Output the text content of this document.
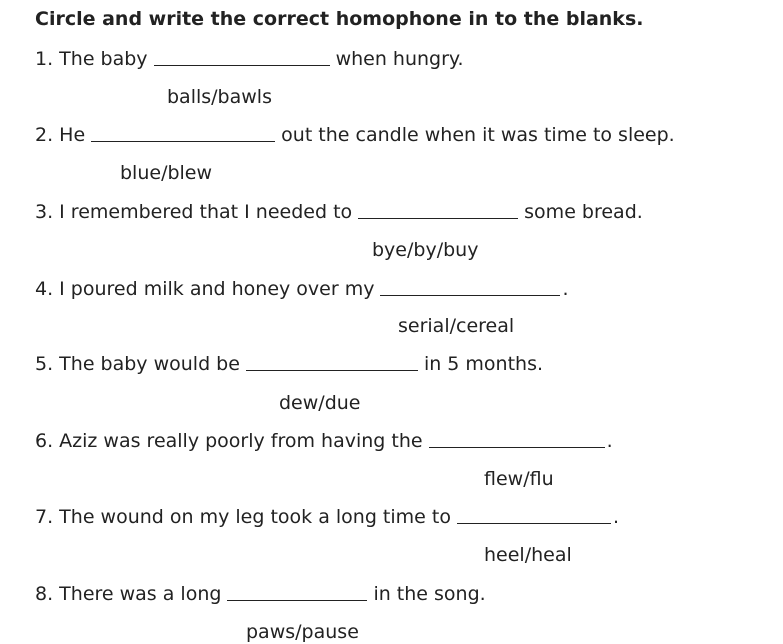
Circle and write the correct homophone in to the blanks.
1. The baby	when hungry.
balls/bawls
2. He	out the candle when it was time to sleep.
blue/blew
3. I remembered that I needed to	some bread.
bye/by/buy
4. I poured milk and honey over my	.
serial/cereal
5. The baby would be	in 5 months.
dew/due
6. Aziz was really poorly from having the	.
flew/flu
7. The wound on my leg took a long time to	.
heel/heal
8. There was a long	in the song.
paws/pause
